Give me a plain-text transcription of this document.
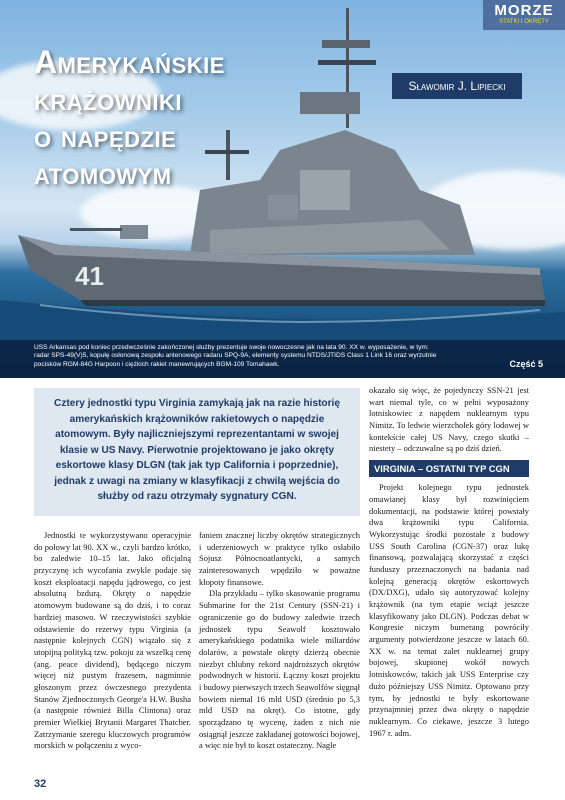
41
MORZE
STATKI I OKRĘTY
Amerykańskie
krążowniki
o napędzie
atomowym
Sławomir J. Lipiecki
USS Arkansas pod koniec przedwcześnie zakończonej służby prezentuje swoje nowoczesne jak na lata 90. XX w. wyposażenie, w tym: radar SPS-49(V)5, kopułę osłonową zespołu antenowego radaru SPQ-9A, elementy systemu NTDS/JTIDS Class 1 Link 16 oraz wyrzutnie pocisków RGM-84G Harpoon i ciężkich rakiet manewrujących BGM-109 Tomahawk.	Część 5

Cztery jednostki typu Virginia zamykają jak na razie historię amerykańskich krążowników rakietowych o napędzie atomowym. Były najliczniejszymi reprezentantami w swojej klasie w US Navy. Pierwotnie projektowano je jako okręty eskortowe klasy DLGN (tak jak typ California i poprzednie), jednak z uwagi na zmiany w klasyfikacji z chwilą wejścia do służby od razu otrzymały sygnatury CGN.

Jednostki te wykorzystywano operacyjnie do połowy lat 90. XX w., czyli bardzo krótko, bo zaledwie 10–15 lat. Jako oficjalną przyczynę ich wycofania zwykle podaje się koszt eksploatacji napędu jądrowego, co jest absolutną bzdurą. Okręty o napędzie atomowym budowane są do dziś, i to coraz bardziej masowo. W rzeczywistości szybkie odstawienie do rezerwy typu Virginia (a następnie kolejnych CGN) wiązało się z utopijną polityką tzw. pokoju za wszelką cenę (ang. peace dividend), będącego niczym więcej niż pustym frazesem, nagminnie głoszonym przez ówczesnego prezydenta Stanów Zjednoczonych George'a H.W. Busha (a następnie również Billa Clintona) oraz premier Wielkiej Brytanii Margaret Thatcher. Zatrzymanie szeregu kluczowych programów morskich w połączeniu z wyco-

faniem znacznej liczby okrętów strategicznych i uderzeniowych w praktyce tylko osłabiło Sojusz Północnoatlantycki, a samych zainteresowanych wpędziło w poważne kłopoty finansowe.

Dla przykładu – tylko skasowanie programu Submarine for the 21st Century (SSN-21) i ograniczenie go do budowy zaledwie trzech jednostek typu Seawolf kosztowało amerykańskiego podatnika wiele miliardów dolarów, a powstałe okręty dzierżą obecnie niezbyt chlubny rekord najdroższych okrętów podwodnych w historii. Łączny koszt projektu i budowy pierwszych trzech Seawolfów sięgnął bowiem niemal 16 mld USD (średnio po 5,3 mld USD na okręt). Co istotne, gdy sporządzano tę wycenę, żaden z nich nie osiągnął jeszcze zakładanej gotowości bojowej, a więc nie był to koszt ostateczny. Nagle

okazało się więc, że pojedynczy SSN-21 jest wart niemal tyle, co w pełni wyposażony lotniskowiec z napędem nuklearnym typu Nimitz. To ledwie wierzchołek góry lodowej w kontekście całej US Navy, czego skutki – niestety – odczuwalne są po dziś dzień.

VIRGINIA – OSTATNI TYP CGN

Projekt kolejnego typu jednostek omawianej klasy był rozwinięciem dokumentacji, na podstawie której powstały dwa krążowniki typu California. Wykorzystując środki pozostałe z budowy USS South Carolina (CGN-37) oraz lukę finansową, pozwalającą skorzystać z części funduszy przeznaczonych na badania nad kolejną generacją okrętów eskortowych (DX/DXG), udało się autoryzować kolejny krążownik (na tym etapie wciąż jeszcze klasyfikowany jako DLGN). Podczas debat w Kongresie niczym bumerang powróciły argumenty potwierdzone jeszcze w latach 60. XX w. na temat zalet nuklearnej grupy bojowej, skupionej wokół nowych lotniskowców, takich jak USS Enterprise czy dużo późniejszy USS Nimitz. Optowano przy tym, by jednostki te były eskortowane przynajmniej przez dwa okręty o napędzie nuklearnym. Co ciekawe, jeszcze 3 lutego 1967 r. adm.

32
